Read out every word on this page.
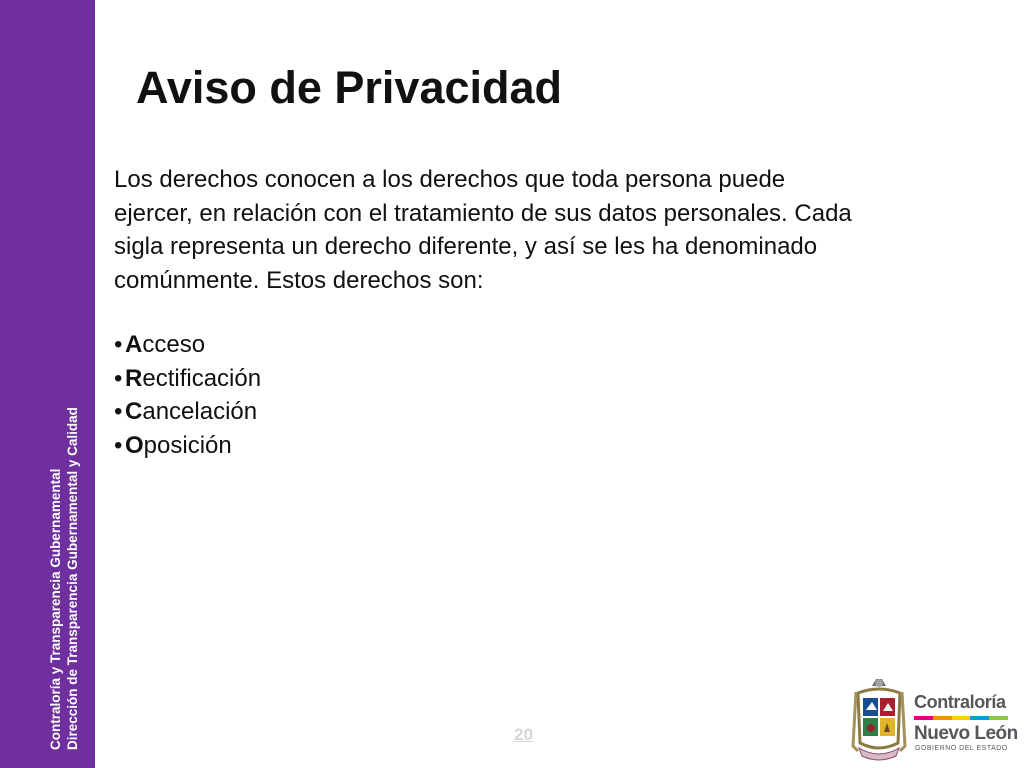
Contraloría y Transparencia Gubernamental Dirección de Transparencia Gubernamental y Calidad
Aviso de Privacidad
Los derechos conocen a los derechos que toda persona puede
ejercer, en relación con el tratamiento de sus datos personales. Cada
sigla representa un derecho diferente, y así se les ha denominado
comúnmente. Estos derechos son:
• Acceso
• Rectificación
• Cancelación
• Oposición
20
Contraloría
Nuevo León
GOBIERNO DEL ESTADO
